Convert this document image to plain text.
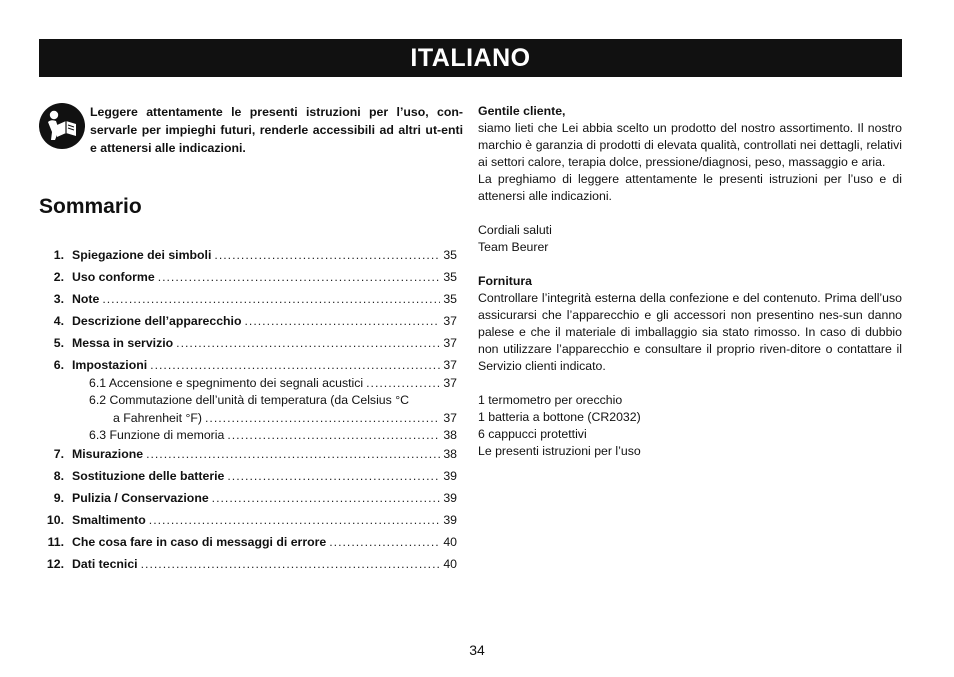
ITALIANO
Leggere attentamente le presenti istruzioni per l’uso, con-servarle per impieghi futuri, renderle accessibili ad altri ut-enti e attenersi alle indicazioni.
Sommario
1. Spiegazione dei simboli .....	35
2. Uso conforme .....	35
3. Note .....	35
4. Descrizione dell’apparecchio .....	37
5. Messa in servizio .....	37
6. Impostazioni .....	37
6.1 Accensione e spegnimento dei segnali acustici .....	37
6.2 Commutazione dell’unità di temperatura (da Celsius °C
a Fahrenheit °F) .....	37
6.3 Funzione di memoria .....	38
7. Misurazione .....	38
8. Sostituzione delle batterie .....	39
9. Pulizia / Conservazione .....	39
10. Smaltimento .....	39
11. Che cosa fare in caso di messaggi di errore .....	40
12. Dati tecnici .....	40

Gentile cliente,

siamo lieti che Lei abbia scelto un prodotto del nostro assortimento. Il nostro marchio è garanzia di prodotti di elevata qualità, controllati nei dettagli, relativi ai settori calore, terapia dolce, pressione/diagnosi, peso, massaggio e aria.

La preghiamo di leggere attentamente le presenti istruzioni per l’uso e di attenersi alle indicazioni.

Cordiali saluti

Team Beurer

Fornitura

Controllare l’integrità esterna della confezione e del contenuto. Prima dell’uso assicurarsi che l’apparecchio e gli accessori non presentino nes-sun danno palese e che il materiale di imballaggio sia stato rimosso. In caso di dubbio non utilizzare l’apparecchio e consultare il proprio riven-ditore o contattare il Servizio clienti indicato.

1 termometro per orecchio

1 batteria a bottone (CR2032)

6 cappucci protettivi

Le presenti istruzioni per l’uso

34
